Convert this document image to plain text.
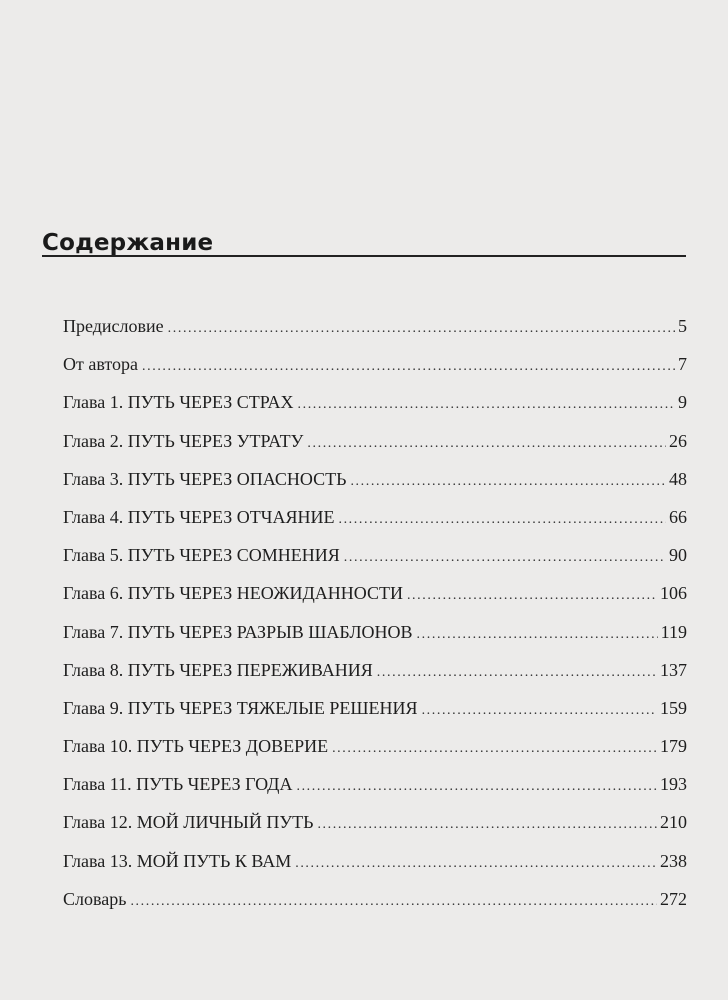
Содержание
Предисловие .....	5
От автора .....	7
Глава 1. ПУТЬ ЧЕРЕЗ СТРАХ .....	9
Глава 2. ПУТЬ ЧЕРЕЗ УТРАТУ .....	26
Глава 3. ПУТЬ ЧЕРЕЗ ОПАСНОСТЬ .....	48
Глава 4. ПУТЬ ЧЕРЕЗ ОТЧАЯНИЕ .....	66
Глава 5. ПУТЬ ЧЕРЕЗ СОМНЕНИЯ .....	90
Глава 6. ПУТЬ ЧЕРЕЗ НЕОЖИДАННОСТИ .....	106
Глава 7. ПУТЬ ЧЕРЕЗ РАЗРЫВ ШАБЛОНОВ .....	119
Глава 8. ПУТЬ ЧЕРЕЗ ПЕРЕЖИВАНИЯ .....	137
Глава 9. ПУТЬ ЧЕРЕЗ ТЯЖЕЛЫЕ РЕШЕНИЯ .....	159
Глава 10. ПУТЬ ЧЕРЕЗ ДОВЕРИЕ .....	179
Глава 11. ПУТЬ ЧЕРЕЗ ГОДА .....	193
Глава 12. МОЙ ЛИЧНЫЙ ПУТЬ .....	210
Глава 13. МОЙ ПУТЬ К ВАМ .....	238
Словарь .....	272
